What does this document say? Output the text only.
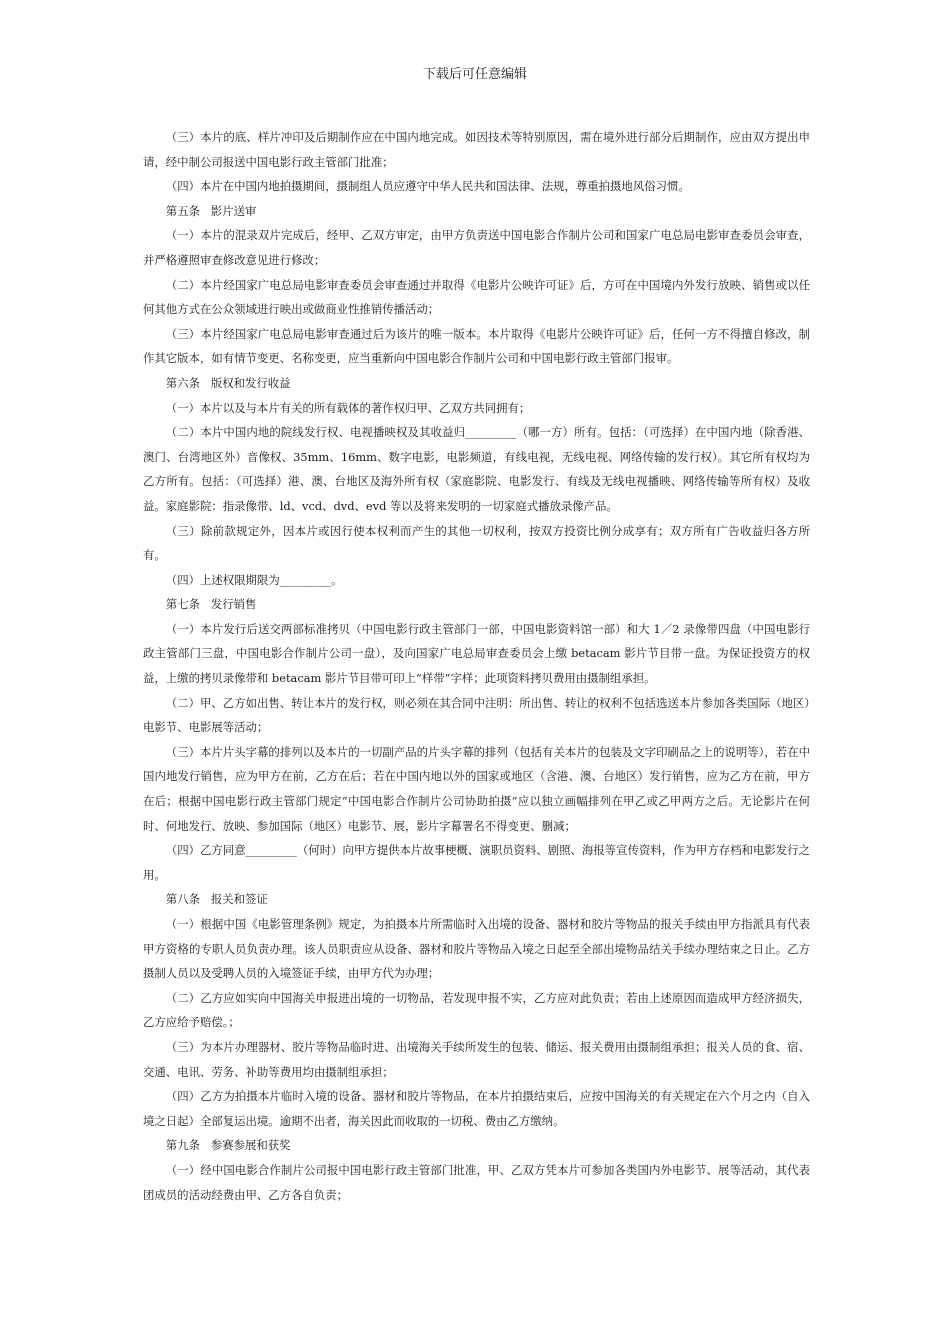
下载后可任意编辑

（三）本片的底、样片冲印及后期制作应在中国内地完成。如因技术等特别原因，需在境外进行部分后期制作，应由双方提出申请，经中制公司报送中国电影行政主管部门批准；

（四）本片在中国内地拍摄期间，摄制组人员应遵守中华人民共和国法律、法规，尊重拍摄地风俗习惯。

第五条   影片送审

（一）本片的混录双片完成后，经甲、乙双方审定，由甲方负责送中国电影合作制片公司和国家广电总局电影审查委员会审查，并严格遵照审查修改意见进行修改；

（二）本片经国家广电总局电影审查委员会审查通过并取得《电影片公映许可证》后，方可在中国境内外发行放映、销售或以任何其他方式在公众领域进行映出或做商业性推销传播活动；

（三）本片经国家广电总局电影审查通过后为该片的唯一版本。本片取得《电影片公映许可证》后，任何一方不得擅自修改，制作其它版本，如有情节变更、名称变更，应当重新向中国电影合作制片公司和中国电影行政主管部门报审。

第六条   版权和发行收益

（一）本片以及与本片有关的所有载体的著作权归甲、乙双方共同拥有；

（二）本片中国内地的院线发行权、电视播映权及其收益归_________（哪一方）所有。包括：（可选择）在中国内地（除香港、澳门、台湾地区外）音像权、35mm、16mm、数字电影，电影频道，有线电视，无线电视、网络传输的发行权）。其它所有权均为乙方所有。包括：（可选择）港、澳、台地区及海外所有权（家庭影院、电影发行、有线及无线电视播映、网络传输等所有权）及收益。家庭影院：指录像带、ld、vcd、dvd、evd 等以及将来发明的一切家庭式播放录像产品。

（三）除前款规定外，因本片或因行使本权利而产生的其他一切权利，按双方投资比例分成享有；双方所有广告收益归各方所有。

（四）上述权限期限为_________。

第七条   发行销售

（一）本片发行后送交两部标准拷贝（中国电影行政主管部门一部，中国电影资料馆一部）和大 1／2 录像带四盘（中国电影行政主管部门三盘，中国电影合作制片公司一盘），及向国家广电总局审查委员会上缴 betacam 影片节目带一盘。为保证投资方的权益，上缴的拷贝录像带和 betacam 影片节目带可印上“样带”字样；此项资料拷贝费用由摄制组承担。

（二）甲、乙方如出售、转让本片的发行权，则必须在其合同中注明：所出售、转让的权利不包括选送本片参加各类国际（地区）电影节、电影展等活动；

（三）本片片头字幕的排列以及本片的一切副产品的片头字幕的排列（包括有关本片的包装及文字印刷品之上的说明等），若在中国内地发行销售，应为甲方在前，乙方在后；若在中国内地以外的国家或地区（含港、澳、台地区）发行销售，应为乙方在前，甲方在后；根据中国电影行政主管部门规定“中国电影合作制片公司协助拍摄”应以独立画幅排列在甲乙或乙甲两方之后。无论影片在何时、何地发行、放映、参加国际（地区）电影节、展，影片字幕署名不得变更、删减；

（四）乙方同意_________（何时）向甲方提供本片故事梗概、演职员资料、剧照、海报等宣传资料，作为甲方存档和电影发行之用。

第八条   报关和签证

（一）根据中国《电影管理条例》规定，为拍摄本片所需临时入出境的设备、器材和胶片等物品的报关手续由甲方指派具有代表甲方资格的专职人员负责办理。该人员职责应从设备、器材和胶片等物品入境之日起至全部出境物品结关手续办理结束之日止。乙方摄制人员以及受聘人员的入境签证手续，由甲方代为办理；

（二）乙方应如实向中国海关申报进出境的一切物品，若发现申报不实，乙方应对此负责；若由上述原因而造成甲方经济损失，乙方应给予赔偿。；

（三）为本片办理器材、胶片等物品临时进、出境海关手续所发生的包装、储运、报关费用由摄制组承担；报关人员的食、宿、交通、电讯、劳务、补助等费用均由摄制组承担；

（四）乙方为拍摄本片临时入境的设备、器材和胶片等物品，在本片拍摄结束后，应按中国海关的有关规定在六个月之内（自入境之日起）全部复运出境。逾期不出者，海关因此而收取的一切税、费由乙方缴纳。

第九条   参赛参展和获奖

（一）经中国电影合作制片公司报中国电影行政主管部门批准，甲、乙双方凭本片可参加各类国内外电影节、展等活动，其代表团成员的活动经费由甲、乙方各自负责；
